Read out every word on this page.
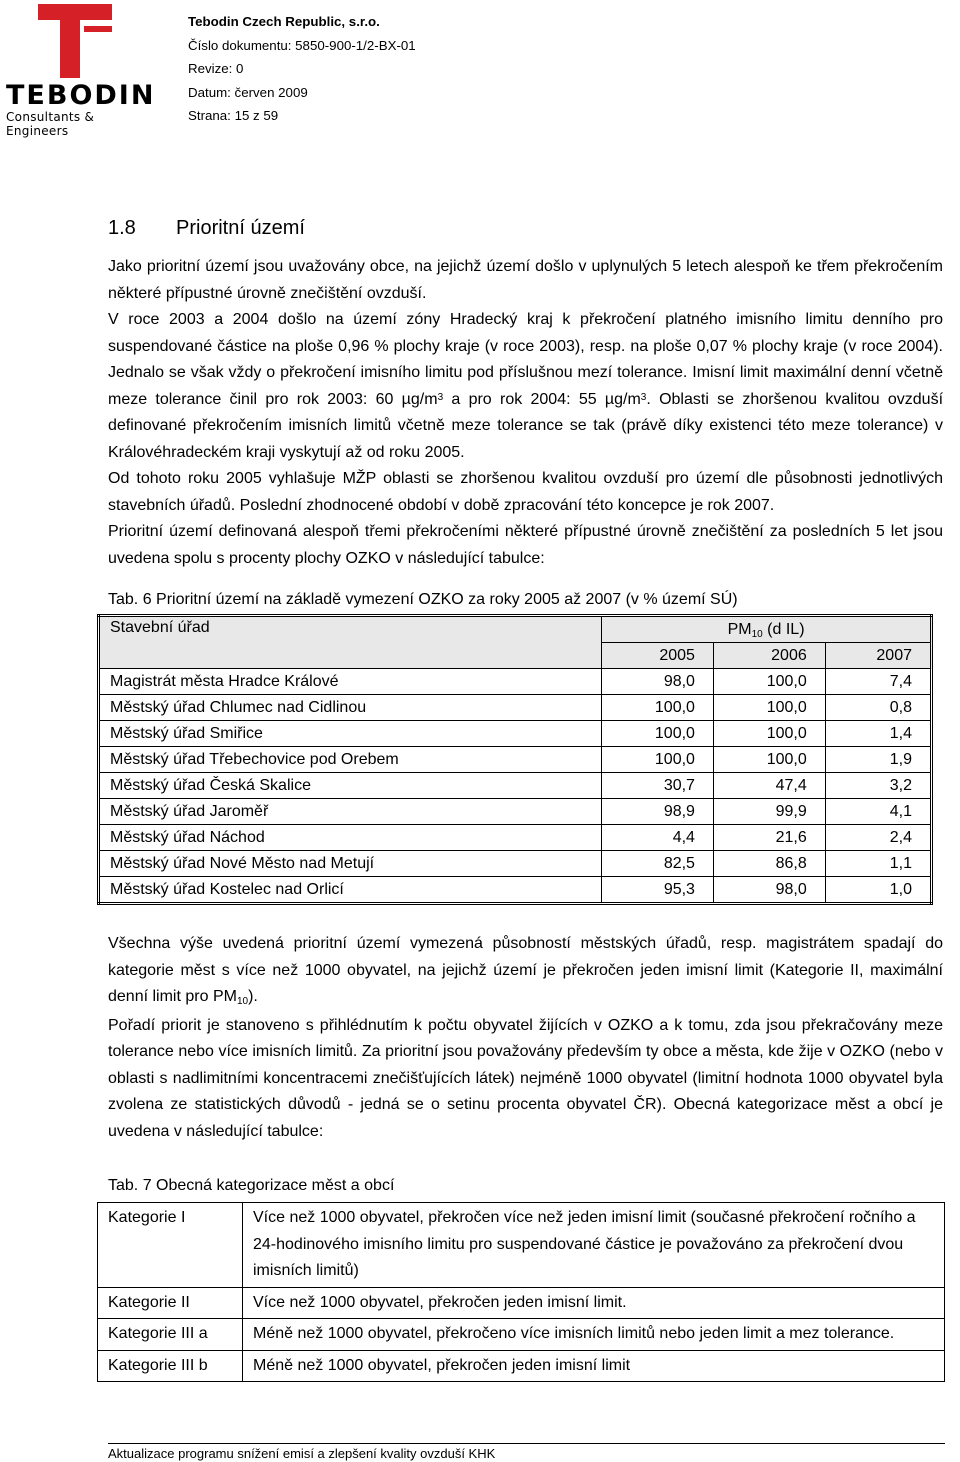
TEBODIN
Consultants & Engineers
Tebodin Czech Republic, s.r.o.
Číslo dokumentu: 5850-900-1/2-BX-01
Revize: 0
Datum: červen 2009
Strana: 15 z 59
1.8	Prioritní území

Jako prioritní území jsou uvažovány obce, na jejichž území došlo v uplynulých 5 letech alespoň ke třem překročením některé přípustné úrovně znečištění ovzduší.

V roce 2003 a 2004 došlo na území zóny Hradecký kraj k překročení platného imisního limitu denního pro suspendované částice na ploše 0,96 % plochy kraje (v roce 2003), resp. na ploše 0,07 % plochy kraje (v roce 2004). Jednalo se však vždy o překročení imisního limitu pod příslušnou mezí tolerance. Imisní limit maximální denní včetně meze tolerance činil pro rok 2003: 60 $\mu g/m^3$ a pro rok 2004: 55 $\mu g/m^3$. Oblasti se zhoršenou kvalitou ovzduší definované překročením imisních limitů včetně meze tolerance se tak (právě díky existenci této meze tolerance) v Královéhradeckém kraji vyskytují až od roku 2005.

Od tohoto roku 2005 vyhlašuje MŽP oblasti se zhoršenou kvalitou ovzduší pro území dle působnosti jednotlivých stavebních úřadů. Poslední zhodnocené období v době zpracování této koncepce je rok 2007.

Prioritní území definovaná alespoň třemi překročeními některé přípustné úrovně znečištění za posledních 5 let jsou uvedena spolu s procenty plochy OZKO v následující tabulce:

Tab. 6 Prioritní území na základě vymezení OZKO za roky 2005 až 2007 (v % území SÚ)
Stavební úřad	$PM_{10}$ (d IL)		
	2005	2006	2007
Magistrát města Hradce Králové	98,0	100,0	7,4
Městský úřad Chlumec nad Cidlinou	100,0	100,0	0,8
Městský úřad Smiřice	100,0	100,0	1,4
Městský úřad Třebechovice pod Orebem	100,0	100,0	1,9
Městský úřad Česká Skalice	30,7	47,4	3,2
Městský úřad Jaroměř	98,9	99,9	4,1
Městský úřad Náchod	4,4	21,6	2,4
Městský úřad Nové Město nad Metují	82,5	86,8	1,1
Městský úřad Kostelec nad Orlicí	95,3	98,0	1,0

Všechna výše uvedená prioritní území vymezená působností městských úřadů, resp. magistrátem spadají do kategorie měst s více než 1000 obyvatel, na jejichž území je překročen jeden imisní limit (Kategorie II, maximální denní limit pro $PM_{10}$).

Pořadí priorit je stanoveno s přihlédnutím k počtu obyvatel žijících v OZKO a k tomu, zda jsou překračovány meze tolerance nebo více imisních limitů. Za prioritní jsou považovány především ty obce a města, kde žije v OZKO (nebo v oblasti s nadlimitními koncentracemi znečišťujících látek) nejméně 1000 obyvatel (limitní hodnota 1000 obyvatel byla zvolena ze statistických důvodů - jedná se o setinu procenta obyvatel ČR). Obecná kategorizace měst a obcí je uvedena v následující tabulce:

Tab. 7 Obecná kategorizace měst a obcí
Kategorie I	Více než 1000 obyvatel, překročen více než jeden imisní limit (současné překročení ročního a 24-hodinového imisního limitu pro suspendované částice je považováno za překročení dvou imisních limitů)
Kategorie II	Více než 1000 obyvatel, překročen jeden imisní limit.
Kategorie III a	Méně než 1000 obyvatel, překročeno více imisních limitů nebo jeden limit a mez tolerance.
Kategorie III b	Méně než 1000 obyvatel, překročen jeden imisní limit
Aktualizace programu snížení emisí a zlepšení kvality ovzduší KHK
